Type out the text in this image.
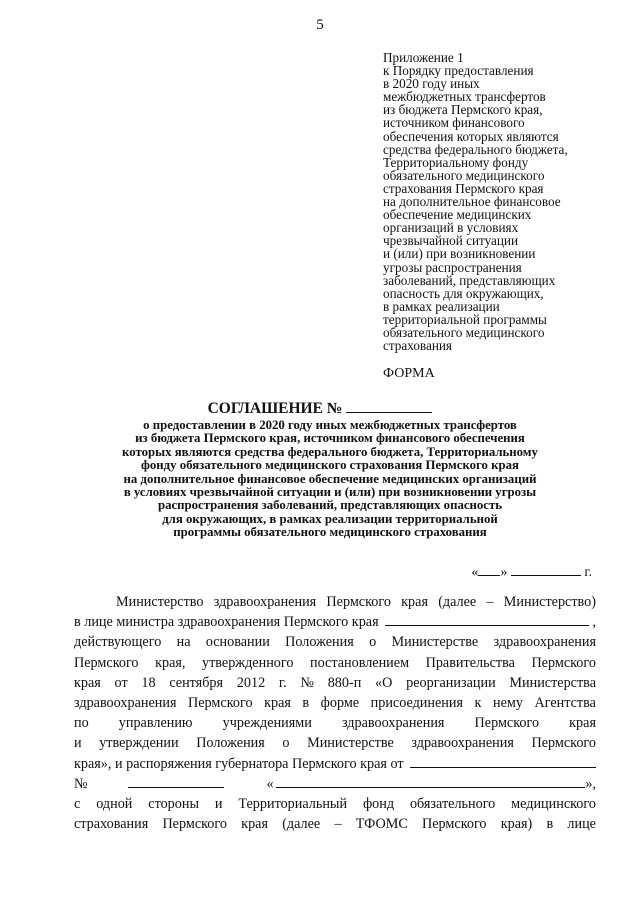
5
Приложение 1
к Порядку предоставления
в 2020 году иных
межбюджетных трансфертов
из бюджета Пермского края,
источником финансового
обеспечения которых являются
средства федерального бюджета,
Территориальному фонду
обязательного медицинского
страхования Пермского края
на дополнительное финансовое
обеспечение медицинских
организаций в условиях
чрезвычайной ситуации
и (или) при возникновении
угрозы распространения
заболеваний, представляющих
опасность для окружающих,
в рамках реализации
территориальной программы
обязательного медицинского
страхования
ФОРМА
СОГЛАШЕНИЕ №
о предоставлении в 2020 году иных межбюджетных трансфертов
из бюджета Пермского края, источником финансового обеспечения
которых являются средства федерального бюджета, Территориальному
фонду обязательного медицинского страхования Пермского края
на дополнительное финансовое обеспечение медицинских организаций
в условиях чрезвычайной ситуации и (или) при возникновении угрозы
распространения заболеваний, представляющих опасность
для окружающих, в рамках реализации территориальной
программы обязательного медицинского страхования
« »	г.
Министерство здравоохранения Пермского края (далее – Министерство)
в лице министра здравоохранения Пермского края	,
действующего на основании Положения о Министерстве здравоохранения
Пермского края, утвержденного постановлением Правительства Пермского
края от 18 сентября 2012 г. № 880-п «О реорганизации Министерства
здравоохранения Пермского края в форме присоединения к нему Агентства
по управлению учреждениями здравоохранения Пермского края
и утверждении Положения о Министерстве здравоохранения Пермского
края», и распоряжения губернатора Пермского края от
№	«	»,
с одной стороны и Территориальный фонд обязательного медицинского
страхования Пермского края (далее – ТФОМС Пермского края) в лице
